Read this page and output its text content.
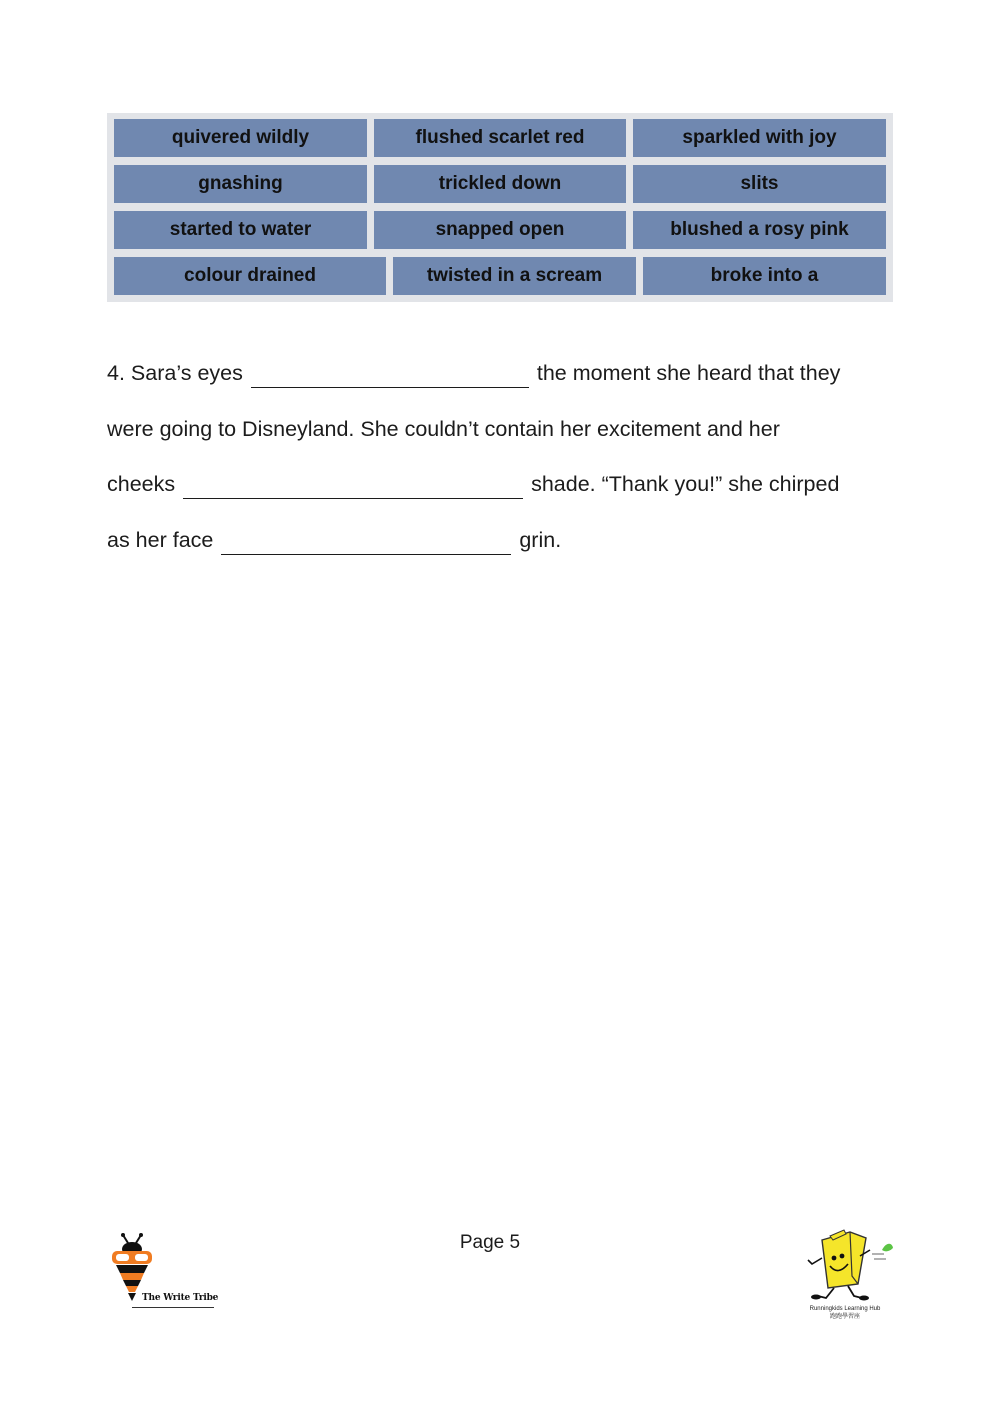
quivered wildly	flushed scarlet red	sparkled with joy
gnashing	trickled down	slits
started to water	snapped open	blushed a rosy pink
colour drained	twisted in a scream	broke into a
4. Sara’s eyes	the moment she heard that they
were going to Disneyland. She couldn’t contain her excitement and her
cheeks	shade. “Thank you!” she chirped
as her face	grin.
Page 5
The Write Tribe
Runningkids Learning Hub
跑跑學習座
